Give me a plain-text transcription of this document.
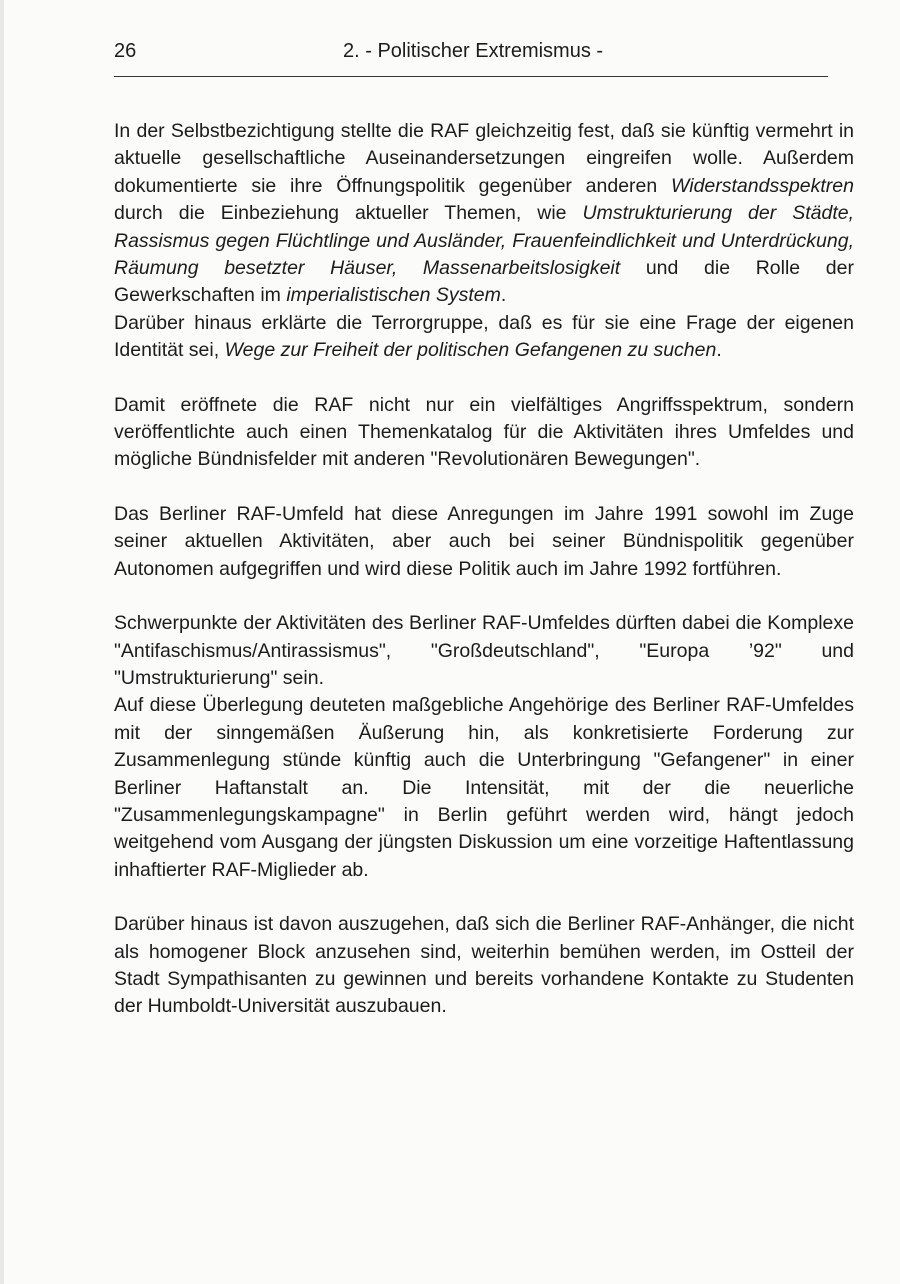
26	2. - Politischer Extremismus -

In der Selbstbezichtigung stellte die RAF gleichzeitig fest, daß sie künftig vermehrt in aktuelle gesellschaftliche Auseinandersetzungen eingreifen wolle. Außerdem dokumentierte sie ihre Öffnungspolitik gegenüber anderen Widerstandsspektren durch die Einbeziehung aktueller Themen, wie Umstrukturierung der Städte, Rassismus gegen Flüchtlinge und Ausländer, Frauenfeindlichkeit und Unterdrückung, Räumung besetzter Häuser, Massenarbeitslosigkeit und die Rolle der Gewerkschaften im imperialistischen System.

Darüber hinaus erklärte die Terrorgruppe, daß es für sie eine Frage der eigenen Identität sei, Wege zur Freiheit der politischen Gefangenen zu suchen.

Damit eröffnete die RAF nicht nur ein vielfältiges Angriffsspektrum, sondern veröffentlichte auch einen Themenkatalog für die Aktivitäten ihres Umfeldes und mögliche Bündnisfelder mit anderen "Revolutionären Bewegungen".

Das Berliner RAF-Umfeld hat diese Anregungen im Jahre 1991 sowohl im Zuge seiner aktuellen Aktivitäten, aber auch bei seiner Bündnispolitik gegenüber Autonomen aufgegriffen und wird diese Politik auch im Jahre 1992 fortführen.

Schwerpunkte der Aktivitäten des Berliner RAF-Umfeldes dürften dabei die Komplexe "Antifaschismus/Antirassismus", "Großdeutschland", "Europa ’92" und "Umstrukturierung" sein.

Auf diese Überlegung deuteten maßgebliche Angehörige des Berliner RAF-Umfeldes mit der sinngemäßen Äußerung hin, als konkretisierte Forderung zur Zusammenlegung stünde künftig auch die Unterbringung "Gefangener" in einer Berliner Haftanstalt an. Die Intensität, mit der die neuerliche "Zusammenlegungskampagne" in Berlin geführt werden wird, hängt jedoch weitgehend vom Ausgang der jüngsten Diskussion um eine vorzeitige Haftentlassung inhaftierter RAF-Miglieder ab.

Darüber hinaus ist davon auszugehen, daß sich die Berliner RAF-Anhänger, die nicht als homogener Block anzusehen sind, weiterhin bemühen werden, im Ostteil der Stadt Sympathisanten zu gewinnen und bereits vorhandene Kontakte zu Studenten der Humboldt-Universität auszubauen.
